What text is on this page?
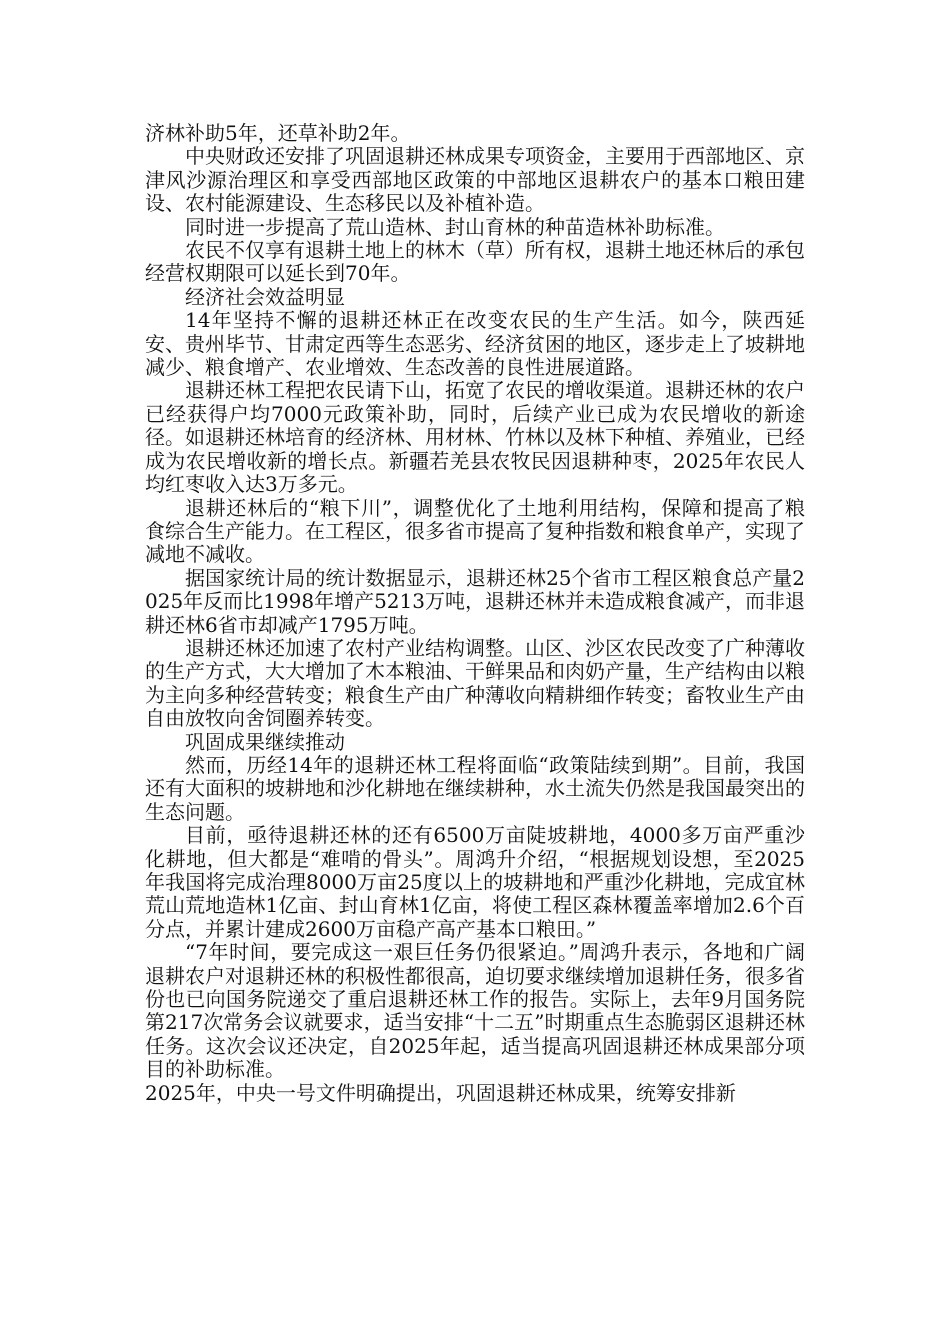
济林补助5年，还草补助2年。

中央财政还安排了巩固退耕还林成果专项资金，主要用于西部地区、京津风沙源治理区和享受西部地区政策的中部地区退耕农户的基本口粮田建设、农村能源建设、生态移民以及补植补造。

同时进一步提高了荒山造林、封山育林的种苗造林补助标准。

农民不仅享有退耕土地上的林木（草）所有权，退耕土地还林后的承包经营权期限可以延长到70年。

经济社会效益明显

14年坚持不懈的退耕还林正在改变农民的生产生活。如今，陕西延安、贵州毕节、甘肃定西等生态恶劣、经济贫困的地区，逐步走上了坡耕地减少、粮食增产、农业增效、生态改善的良性进展道路。

退耕还林工程把农民请下山，拓宽了农民的增收渠道。退耕还林的农户已经获得户均7000元政策补助，同时，后续产业已成为农民增收的新途径。如退耕还林培育的经济林、用材林、竹林以及林下种植、养殖业，已经成为农民增收新的增长点。新疆若羌县农牧民因退耕种枣，2025年农民人均红枣收入达3万多元。

退耕还林后的“粮下川”，调整优化了土地利用结构，保障和提高了粮食综合生产能力。在工程区，很多省市提高了复种指数和粮食单产，实现了减地不减收。

据国家统计局的统计数据显示，退耕还林25个省市工程区粮食总产量2025年反而比1998年增产5213万吨，退耕还林并未造成粮食减产，而非退耕还林6省市却减产1795万吨。

退耕还林还加速了农村产业结构调整。山区、沙区农民改变了广种薄收的生产方式，大大增加了木本粮油、干鲜果品和肉奶产量，生产结构由以粮为主向多种经营转变；粮食生产由广种薄收向精耕细作转变；畜牧业生产由自由放牧向舍饲圈养转变。

巩固成果继续推动

然而，历经14年的退耕还林工程将面临“政策陆续到期”。目前，我国还有大面积的坡耕地和沙化耕地在继续耕种，水土流失仍然是我国最突出的生态问题。

目前，亟待退耕还林的还有6500万亩陡坡耕地，4000多万亩严重沙化耕地，但大都是“难啃的骨头”。周鸿升介绍，“根据规划设想，至2025年我国将完成治理8000万亩25度以上的坡耕地和严重沙化耕地，完成宜林荒山荒地造林1亿亩、封山育林1亿亩，将使工程区森林覆盖率增加2.6个百分点，并累计建成2600万亩稳产高产基本口粮田。”

“7年时间，要完成这一艰巨任务仍很紧迫。”周鸿升表示，各地和广阔退耕农户对退耕还林的积极性都很高，迫切要求继续增加退耕任务，很多省份也已向国务院递交了重启退耕还林工作的报告。实际上，去年9月国务院第217次常务会议就要求，适当安排“十二五”时期重点生态脆弱区退耕还林任务。这次会议还决定，自2025年起，适当提高巩固退耕还林成果部分项目的补助标准。

2025年，中央一号文件明确提出，巩固退耕还林成果，统筹安排新
